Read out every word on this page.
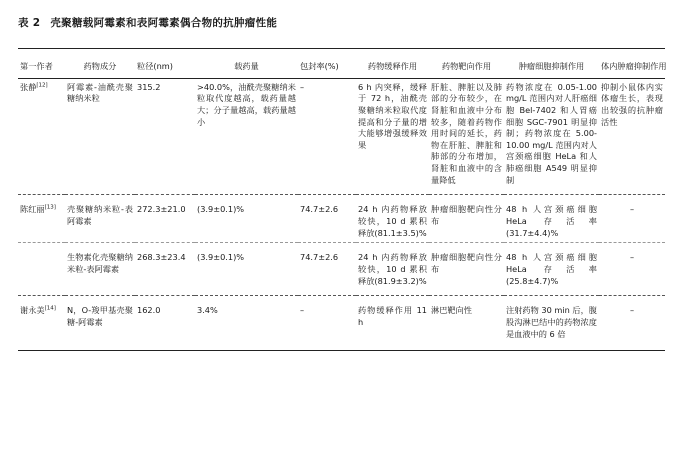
表 2 壳聚糖载阿霉素和表阿霉素偶合物的抗肿瘤性能
第一作者	药物成分	粒径(nm)	载药量	包封率(%)	药物缓释作用	药物靶向作用	肿瘤细胞抑制作用	体内肿瘤抑制作用
张静[12]	阿霉素-油酰壳聚糖纳米粒	315.2	>40.0%，油酰壳聚糖纳米粒取代度越高，载药量越大；分子量越高，载药量越小	–	6 h 内突释，缓释于 72 h，油酰壳聚糖纳米粒取代度提高和分子量的增大能够增强缓释效果	肝脏、脾脏以及肺部的分布较少，在肾脏和血液中分布较多，随着药物作用时间的延长，药物在肝脏、脾脏和肺部的分布增加，肾脏和血液中的含量降低	药物浓度在 0.05-1.00 mg/L 范围内对人肝癌细胞 Bel-7402 和人胃癌细胞 SGC-7901 明显抑制；药物浓度在 5.00-10.00 mg/L 范围内对人宫颈癌细胞 HeLa 和人肺癌细胞 A549 明显抑制	抑制小鼠体内实体瘤生长，表现出较强的抗肿瘤活性
陈红丽[13]	壳聚糖纳米粒-表阿霉素	272.3±21.0	(3.9±0.1)%	74.7±2.6	24 h 内药物释放较快，10 d 累积释放(81.1±3.5)%	肿瘤细胞靶向性分布	48 h 人宫颈癌细胞 HeLa 存活率(31.7±4.4)%	–
	生物素化壳聚糖纳米粒-表阿霉素	268.3±23.4	(3.9±0.1)%	74.7±2.6	24 h 内药物释放较快，10 d 累积释放(81.9±3.2)%	肿瘤细胞靶向性分布	48 h 人宫颈癌细胞 HeLa 存活率(25.8±4.7)%	–
谢永美[14]	N，O-羧甲基壳聚糖-阿霉素	162.0	3.4%	–	药物缓释作用 11 h	淋巴靶向性	注射药物 30 min 后，腹股沟淋巴结中的药物浓度是血液中的 6 倍	–
